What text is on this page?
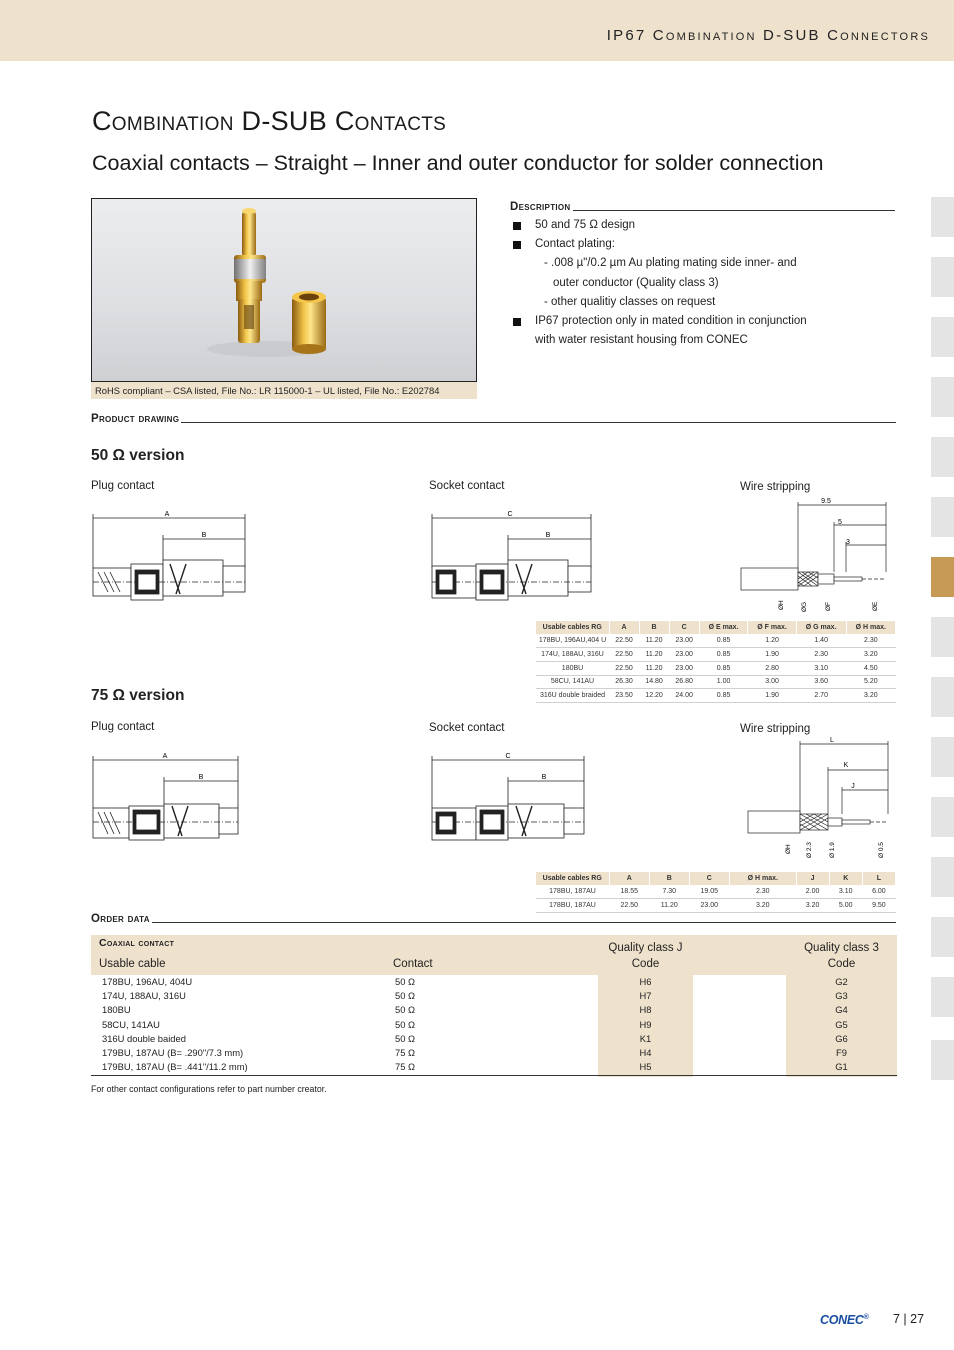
IP67 Combination D-SUB Connectors
Combination D-SUB Contacts
Coaxial contacts – Straight – Inner and outer conductor for solder connection
RoHS compliant – CSA listed, File No.: LR 115000-1 – UL listed, File No.: E202784
Description
50 and 75 Ω design
Contact plating:
- .008 µ"/0.2 µm Au plating mating side inner- and
outer conductor (Quality class 3)
- other qualitiy classes on request
IP67 protection only in mated condition in conjunction
with water resistant housing from CONEC
Product drawing
50 Ω version
Plug contact	Socket contact	Wire stripping
A
B
C
B
9.5
5
3
ØH ØG	ØF	ØE
Usable cables RG	A	B	C	Ø E max.	Ø F max.	Ø G max.	Ø H max.
178BU, 196AU,404 U	22.50	11.20	23.00	0.85	1.20	1.40	2.30
174U, 188AU, 316U	22.50	11.20	23.00	0.85	1.90	2.30	3.20
180BU	22.50	11.20	23.00	0.85	2.80	3.10	4.50
58CU, 141AU	26.30	14.80	26.80	1.00	3.00	3.60	5.20
316U double braided	23.50	12.20	24.00	0.85	1.90	2.70	3.20
75 Ω version
Plug contact	Socket contact	Wire stripping
A
B
C
B
L
K
J
ØH Ø 2.3 Ø 1.9	Ø 0.5
Usable cables RG	A	B	C	Ø H max.	J	K	L
178BU, 187AU	18.55	7.30	19.05	2.30	2.00	3.10	6.00
178BU, 187AU	22.50	11.20	23.00	3.20	3.20	5.00	9.50
Order data
Coaxial contact
Usable cable	Contact
Quality class J
Code
Quality class 3
Code
178BU, 196AU, 404U	50 Ω	H6	G2
174U, 188AU, 316U	50 Ω	H7	G3
180BU	50 Ω	H8	G4
58CU, 141AU	50 Ω	H9	G5
316U double baided	50 Ω	K1	G6
179BU, 187AU (B= .290"/7.3 mm)	75 Ω	H4	F9
179BU, 187AU (B= .441"/11.2 mm)	75 Ω	H5	G1
For other contact configurations refer to part number creator.
CONEC® 7 | 27
